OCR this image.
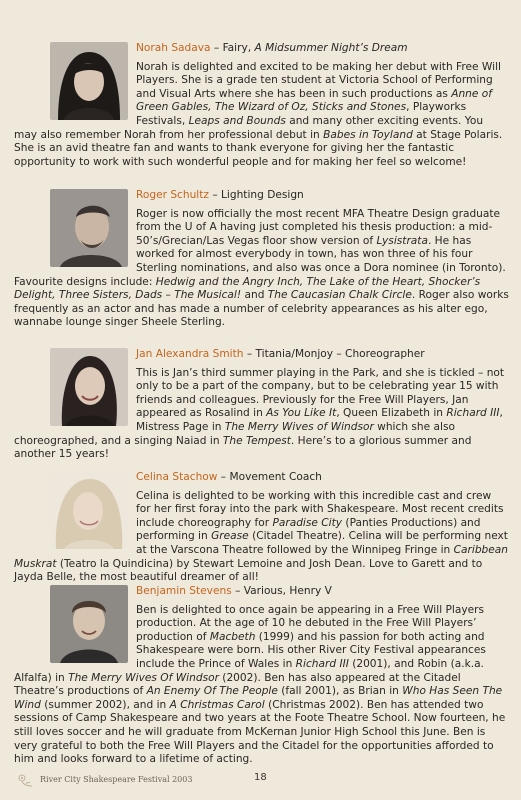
Norah Sadava – Fairy, A Midsummer Night’s Dream

Norah is delighted and excited to be making her debut with Free Will Players. She is a grade ten student at Victoria School of Performing and Visual Arts where she has been in such productions as Anne of Green Gables, The Wizard of Oz, Sticks and Stones, Playworks Festivals, Leaps and Bounds and many other exciting events. You may also remember Norah from her professional debut in Babes in Toyland at Stage Polaris. She is an avid theatre fan and wants to thank everyone for giving her the fantastic opportunity to work with such wonderful people and for making her feel so welcome!

Roger Schultz – Lighting Design

Roger is now officially the most recent MFA Theatre Design graduate from the U of A having just completed his thesis production: a mid-50’s/Grecian/Las Vegas floor show version of Lysistrata. He has worked for almost everybody in town, has won three of his four Sterling nominations, and also was once a Dora nominee (in Toronto). Favourite designs include: Hedwig and the Angry Inch, The Lake of the Heart, Shocker’s Delight, Three Sisters, Dads – The Musical! and The Caucasian Chalk Circle. Roger also works frequently as an actor and has made a number of celebrity appearances as his alter ego, wannabe lounge singer Sheele Sterling.

Jan Alexandra Smith – Titania/Monjoy – Choreographer

This is Jan’s third summer playing in the Park, and she is tickled – not only to be a part of the company, but to be celebrating year 15 with friends and colleagues. Previously for the Free Will Players, Jan appeared as Rosalind in As You Like It, Queen Elizabeth in Richard III, Mistress Page in The Merry Wives of Windsor which she also choreographed, and a singing Naiad in The Tempest. Here’s to a glorious summer and another 15 years!

Celina Stachow – Movement Coach

Celina is delighted to be working with this incredible cast and crew for her first foray into the park with Shakespeare. Most recent credits include choreography for Paradise City (Panties Productions) and performing in Grease (Citadel Theatre). Celina will be performing next at the Varscona Theatre followed by the Winnipeg Fringe in Caribbean Muskrat (Teatro la Quindicina) by Stewart Lemoine and Josh Dean. Love to Garett and to Jayda Belle, the most beautiful dreamer of all!

Benjamin Stevens – Various, Henry V

Ben is delighted to once again be appearing in a Free Will Players production. At the age of 10 he debuted in the Free Will Players’ production of Macbeth (1999) and his passion for both acting and Shakespeare were born. His other River City Festival appearances include the Prince of Wales in Richard III (2001), and Robin (a.k.a. Alfalfa) in The Merry Wives Of Windsor (2002). Ben has also appeared at the Citadel Theatre’s productions of An Enemy Of The People (fall 2001), as Brian in Who Has Seen The Wind (summer 2002), and in A Christmas Carol (Christmas 2002). Ben has attended two sessions of Camp Shakespeare and two years at the Foote Theatre School. Now fourteen, he still loves soccer and he will graduate from McKernan Junior High School this June. Ben is very grateful to both the Free Will Players and the Citadel for the opportunities afforded to him and looks forward to a lifetime of acting.

River City Shakespeare Festival 2003	18
